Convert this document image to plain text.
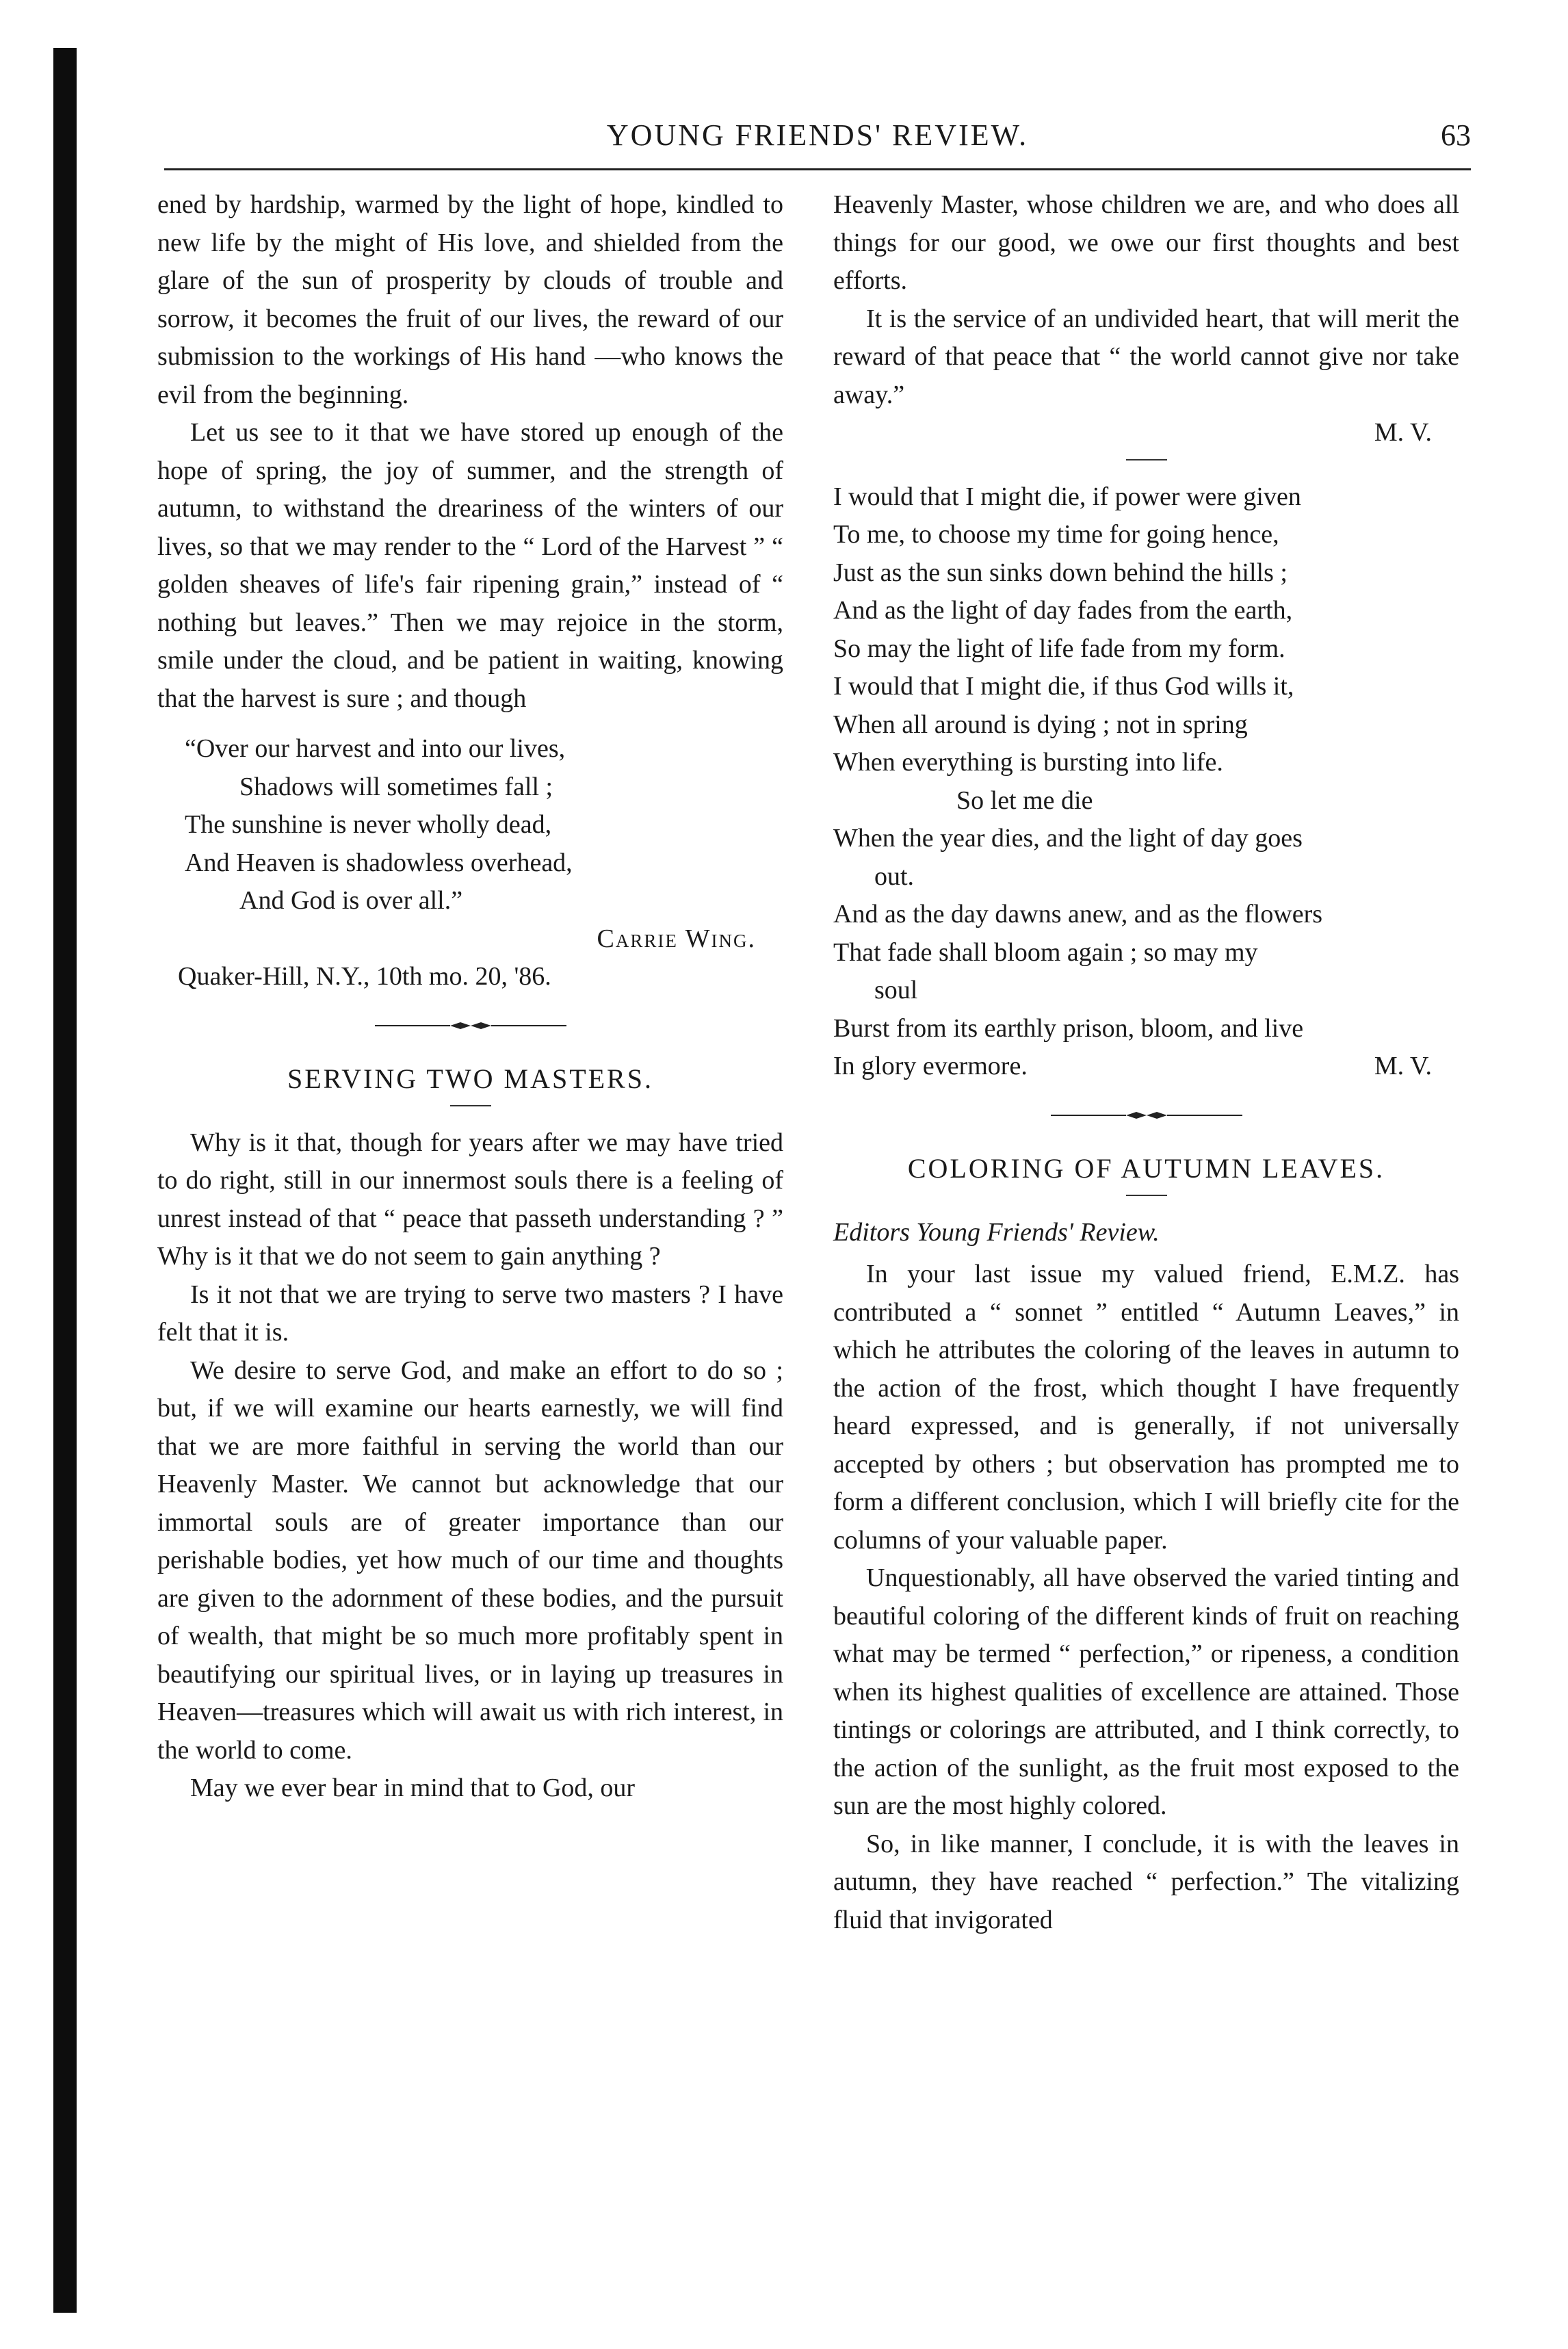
YOUNG FRIENDS' REVIEW.	63

ened by hardship, warmed by the light of hope, kindled to new life by the might of His love, and shielded from the glare of the sun of prosperity by clouds of trouble and sorrow, it becomes the fruit of our lives, the reward of our submission to the workings of His hand —who knows the evil from the beginning.

Let us see to it that we have stored up enough of the hope of spring, the joy of summer, and the strength of autumn, to withstand the dreariness of the winters of our lives, so that we may render to the “ Lord of the Harvest ” “ golden sheaves of life's fair ripening grain,” instead of “ nothing but leaves.” Then we may rejoice in the storm, smile under the cloud, and be patient in waiting, knowing that the harvest is sure ; and though

“Over our harvest and into our lives,
Shadows will sometimes fall ;
The sunshine is never wholly dead,
And Heaven is shadowless overhead,
And God is over all.”
Carrie Wing.
Quaker-Hill, N.Y., 10th mo. 20, '86.
SERVING TWO MASTERS.

Why is it that, though for years after we may have tried to do right, still in our innermost souls there is a feeling of unrest instead of that “ peace that passeth understanding ? ” Why is it that we do not seem to gain anything ?

Is it not that we are trying to serve two masters ? I have felt that it is.

We desire to serve God, and make an effort to do so ; but, if we will examine our hearts earnestly, we will find that we are more faithful in serving the world than our Heavenly Master. We cannot but acknowledge that our immortal souls are of greater importance than our perishable bodies, yet how much of our time and thoughts are given to the adornment of these bodies, and the pursuit of wealth, that might be so much more profitably spent in beautifying our spiritual lives, or in laying up treasures in Heaven—treasures which will await us with rich interest, in the world to come.

May we ever bear in mind that to God, our

Heavenly Master, whose children we are, and who does all things for our good, we owe our first thoughts and best efforts.

It is the service of an undivided heart, that will merit the reward of that peace that “ the world cannot give nor take away.”

M. V.
I would that I might die, if power were given
To me, to choose my time for going hence,
Just as the sun sinks down behind the hills ;
And as the light of day fades from the earth,
So may the light of life fade from my form.
I would that I might die, if thus God wills it,
When all around is dying ; not in spring
When everything is bursting into life.
So let me die
When the year dies, and the light of day goes
out.
And as the day dawns anew, and as the flowers
That fade shall bloom again ; so may my
soul
Burst from its earthly prison, bloom, and live
In glory evermore.	M. V.
COLORING OF AUTUMN LEAVES.
Editors Young Friends' Review.

In your last issue my valued friend, E.M.Z. has contributed a “ sonnet ” entitled “ Autumn Leaves,” in which he attributes the coloring of the leaves in autumn to the action of the frost, which thought I have frequently heard expressed, and is generally, if not universally accepted by others ; but observation has prompted me to form a different conclusion, which I will briefly cite for the columns of your valuable paper.

Unquestionably, all have observed the varied tinting and beautiful coloring of the different kinds of fruit on reaching what may be termed “ perfection,” or ripeness, a condition when its highest qualities of excellence are attained. Those tintings or colorings are attributed, and I think correctly, to the action of the sunlight, as the fruit most exposed to the sun are the most highly colored.

So, in like manner, I conclude, it is with the leaves in autumn, they have reached “ perfection.” The vitalizing fluid that invigorated
